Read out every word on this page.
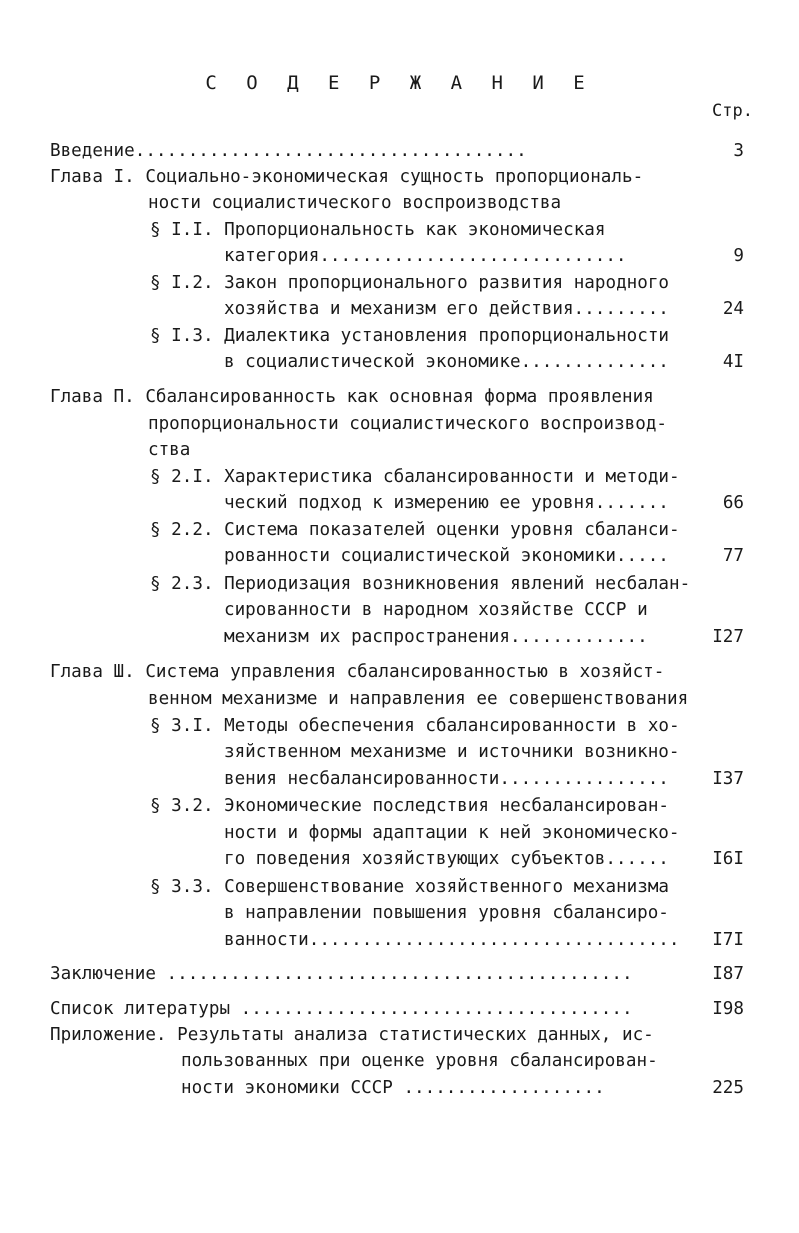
С О Д Е Р Ж А Н И Е
Стр.
Введение.....................................	3
Глава I. Социально-экономическая сущность пропорциональ-
ности социалистического воспроизводства
§ I.I. Пропорциональность как экономическая
категория.............................	9
§ I.2. Закон пропорционального развития народного
хозяйства и механизм его действия.........	24
§ I.3. Диалектика установления пропорциональности
в социалистической экономике..............	4I
Глава П. Сбалансированность как основная форма проявления
пропорциональности социалистического воспроизвод-
ства
§ 2.I. Характеристика сбалансированности и методи-
ческий подход к измерению ее уровня.......	66
§ 2.2. Система показателей оценки уровня сбаланси-
рованности социалистической экономики.....	77
§ 2.3. Периодизация возникновения явлений несбалан-
сированности в народном хозяйстве СССР и
механизм их распространения.............	I27
Глава Ш. Система управления сбалансированностью в хозяйст-
венном механизме и направления ее совершенствования
§ 3.I. Методы обеспечения сбалансированности в хо-
зяйственном механизме и источники возникно-
вения несбалансированности................ I37
§ 3.2. Экономические последствия несбалансирован-
ности и формы адаптации к ней экономическо-
го поведения хозяйствующих субъектов...... I6I
§ 3.3. Совершенствование хозяйственного механизма
в направлении повышения уровня сбалансиро-
ванности................................... I7I
Заключение ............................................	I87
Список литературы .....................................	I98
Приложение. Результаты анализа статистических данных, ис-
пользованных при оценке уровня сбалансирован-
ности экономики СССР ...................	225
